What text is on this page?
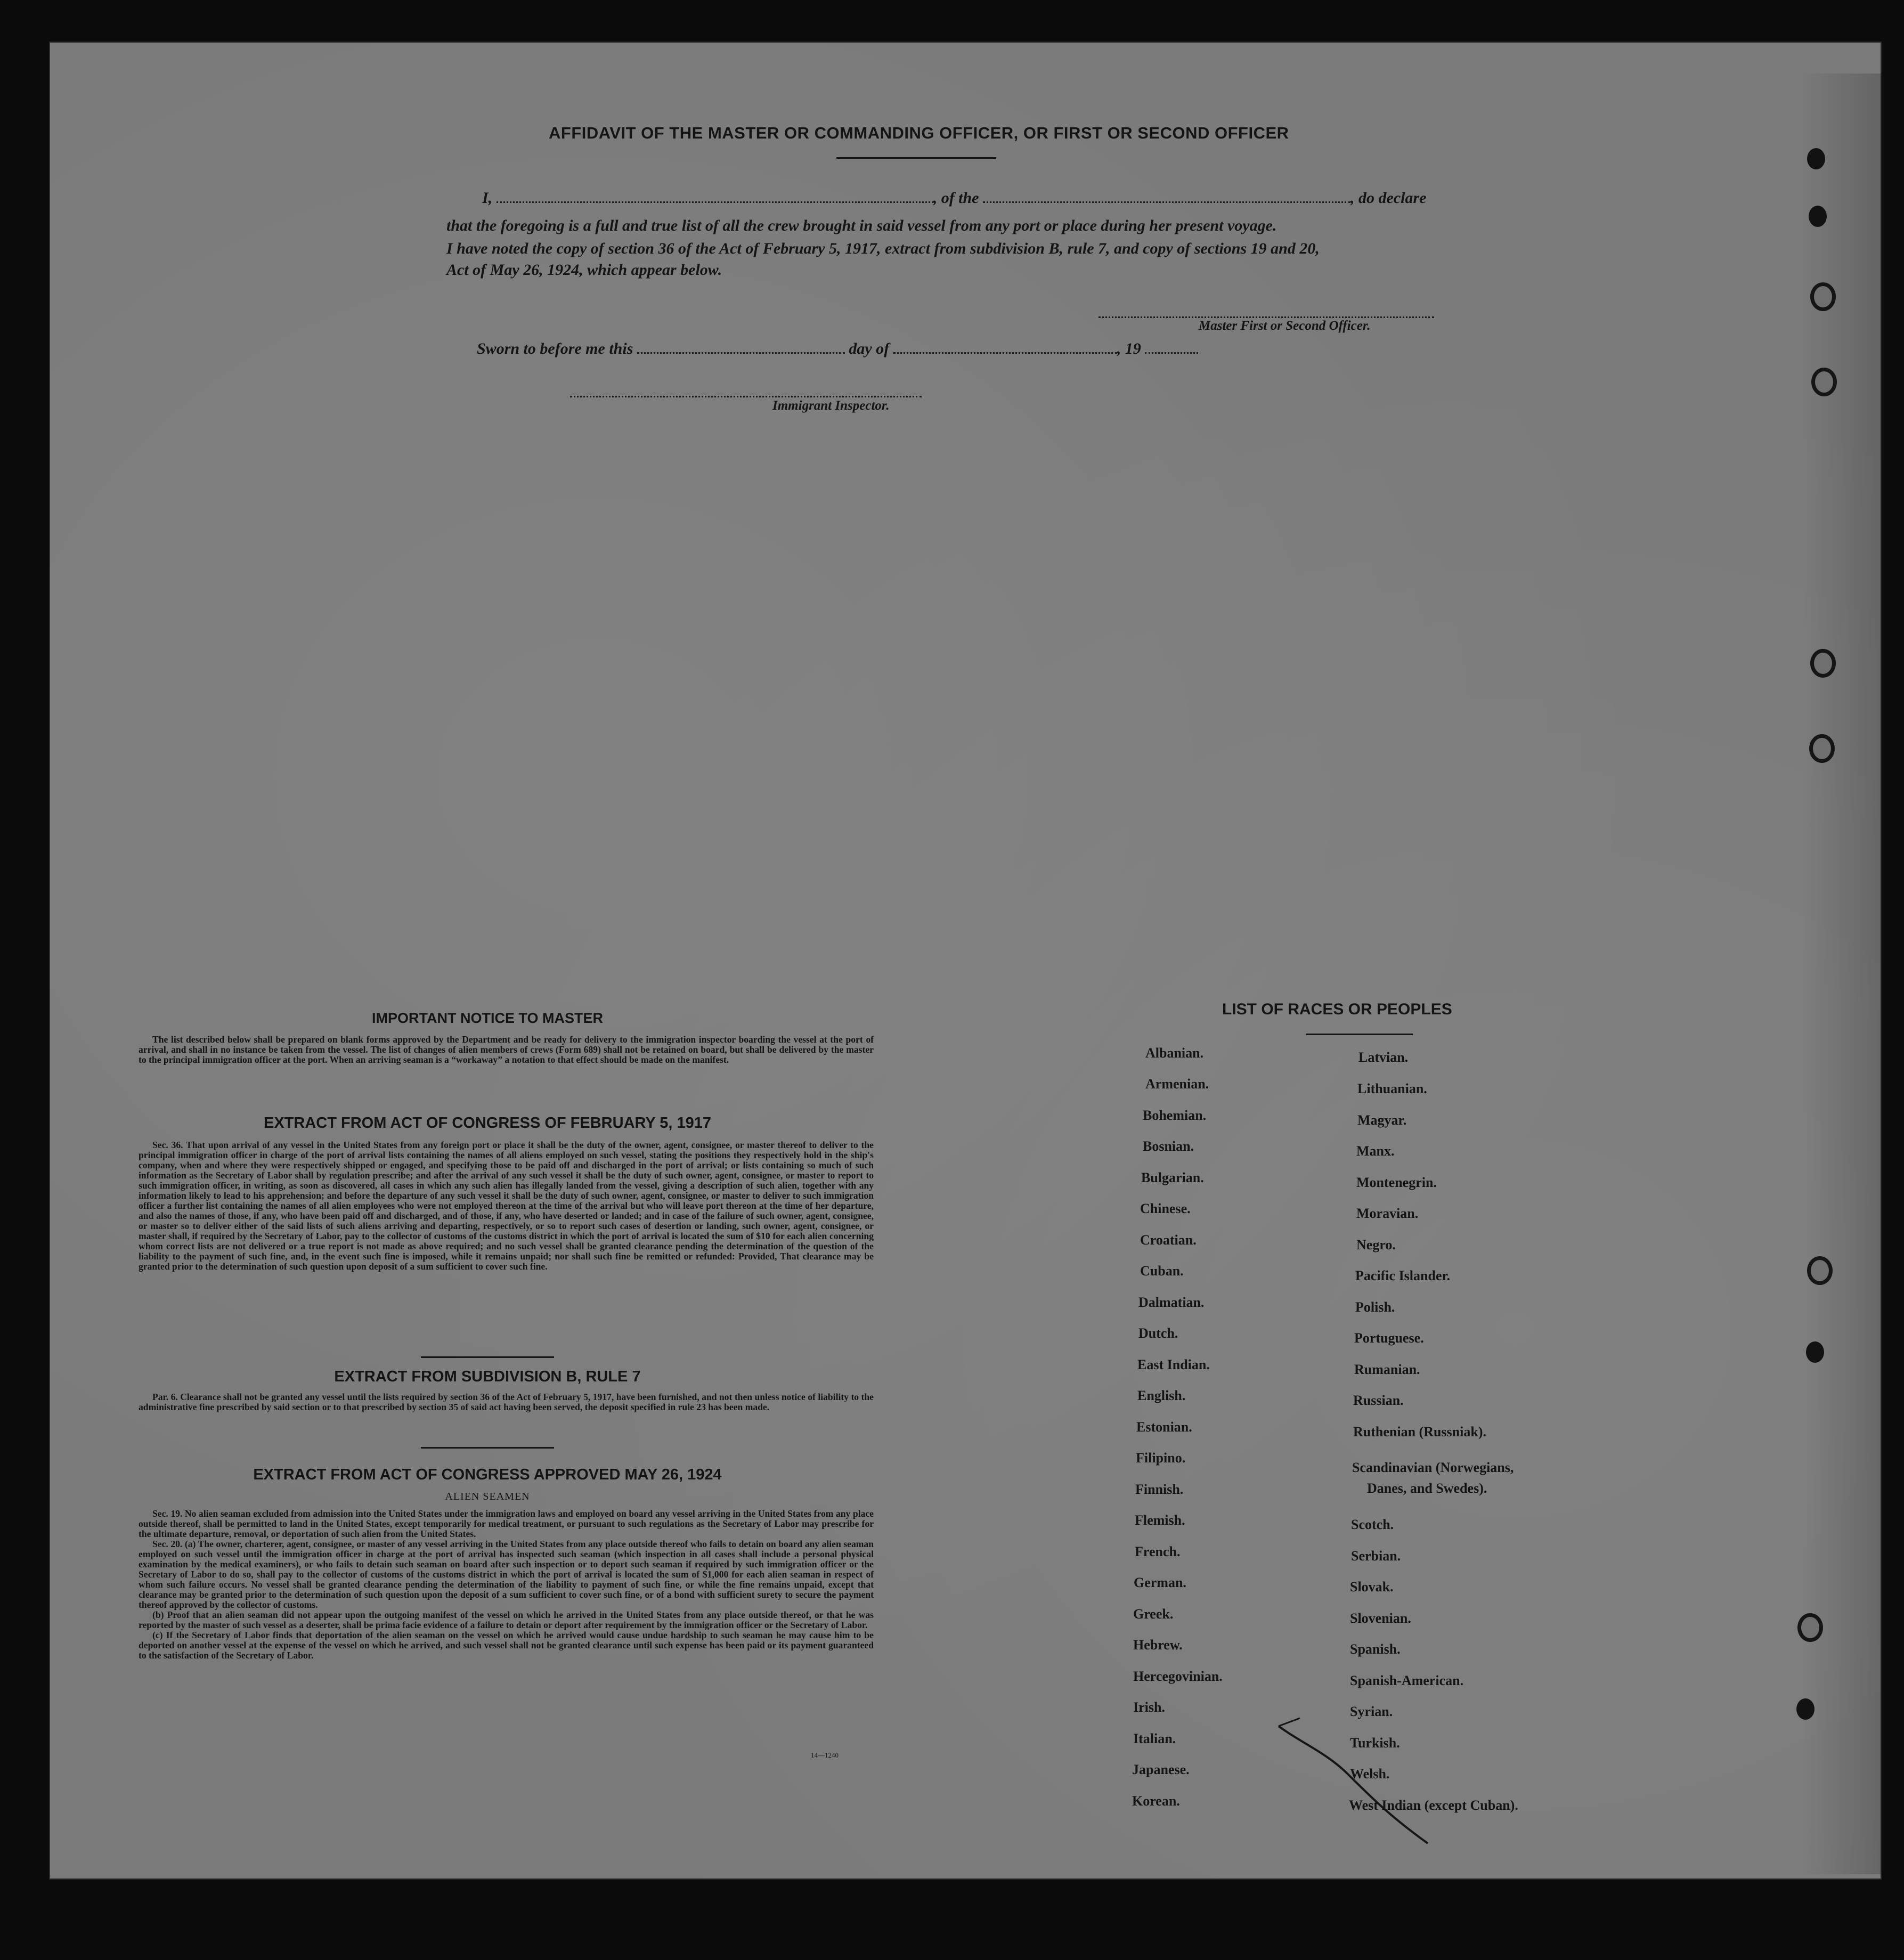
AFFIDAVIT OF THE MASTER OR COMMANDING OFFICER, OR FIRST OR SECOND OFFICER
I,	, of the	, do declare
that the foregoing is a full and true list of all the crew brought in said vessel from any port or place during her present voyage.
I have noted the copy of section 36 of the Act of February 5, 1917, extract from subdivision B, rule 7, and copy of sections 19 and 20,
Act of May 26, 1924, which appear below.
Master First or Second Officer.
Sworn to before me this	day of	, 19
Immigrant Inspector.
IMPORTANT NOTICE TO MASTER

The list described below shall be prepared on blank forms approved by the Department and be ready for delivery to the immigration inspector boarding the vessel at the port of arrival, and shall in no instance be taken from the vessel. The list of changes of alien members of crews (Form 689) shall not be retained on board, but shall be delivered by the master to the principal immigration officer at the port. When an arriving seaman is a “workaway” a notation to that effect should be made on the manifest.

EXTRACT FROM ACT OF CONGRESS OF FEBRUARY 5, 1917

Sec. 36. That upon arrival of any vessel in the United States from any foreign port or place it shall be the duty of the owner, agent, consignee, or master thereof to deliver to the principal immigration officer in charge of the port of arrival lists containing the names of all aliens employed on such vessel, stating the positions they respectively hold in the ship's company, when and where they were respectively shipped or engaged, and specifying those to be paid off and discharged in the port of arrival; or lists containing so much of such information as the Secretary of Labor shall by regulation prescribe; and after the arrival of any such vessel it shall be the duty of such owner, agent, consignee, or master to report to such immigration officer, in writing, as soon as discovered, all cases in which any such alien has illegally landed from the vessel, giving a description of such alien, together with any information likely to lead to his apprehension; and before the departure of any such vessel it shall be the duty of such owner, agent, consignee, or master to deliver to such immigration officer a further list containing the names of all alien employees who were not employed thereon at the time of the arrival but who will leave port thereon at the time of her departure, and also the names of those, if any, who have been paid off and discharged, and of those, if any, who have deserted or landed; and in case of the failure of such owner, agent, consignee, or master so to deliver either of the said lists of such aliens arriving and departing, respectively, or so to report such cases of desertion or landing, such owner, agent, consignee, or master shall, if required by the Secretary of Labor, pay to the collector of customs of the customs district in which the port of arrival is located the sum of $10 for each alien concerning whom correct lists are not delivered or a true report is not made as above required; and no such vessel shall be granted clearance pending the determination of the question of the liability to the payment of such fine, and, in the event such fine is imposed, while it remains unpaid; nor shall such fine be remitted or refunded: Provided, That clearance may be granted prior to the determination of such question upon deposit of a sum sufficient to cover such fine.

EXTRACT FROM SUBDIVISION B, RULE 7

Par. 6. Clearance shall not be granted any vessel until the lists required by section 36 of the Act of February 5, 1917, have been furnished, and not then unless notice of liability to the administrative fine prescribed by said section or to that prescribed by section 35 of said act having been served, the deposit specified in rule 23 has been made.

EXTRACT FROM ACT OF CONGRESS APPROVED MAY 26, 1924
ALIEN SEAMEN

Sec. 19. No alien seaman excluded from admission into the United States under the immigration laws and employed on board any vessel arriving in the United States from any place outside thereof, shall be permitted to land in the United States, except temporarily for medical treatment, or pursuant to such regulations as the Secretary of Labor may prescribe for the ultimate departure, removal, or deportation of such alien from the United States.

Sec. 20. (a) The owner, charterer, agent, consignee, or master of any vessel arriving in the United States from any place outside thereof who fails to detain on board any alien seaman employed on such vessel until the immigration officer in charge at the port of arrival has inspected such seaman (which inspection in all cases shall include a personal physical examination by the medical examiners), or who fails to detain such seaman on board after such inspection or to deport such seaman if required by such immigration officer or the Secretary of Labor to do so, shall pay to the collector of customs of the customs district in which the port of arrival is located the sum of $1,000 for each alien seaman in respect of whom such failure occurs. No vessel shall be granted clearance pending the determination of the liability to payment of such fine, or while the fine remains unpaid, except that clearance may be granted prior to the determination of such question upon the deposit of a sum sufficient to cover such fine, or of a bond with sufficient surety to secure the payment thereof approved by the collector of customs.

(b) Proof that an alien seaman did not appear upon the outgoing manifest of the vessel on which he arrived in the United States from any place outside thereof, or that he was reported by the master of such vessel as a deserter, shall be prima facie evidence of a failure to detain or deport after requirement by the immigration officer or the Secretary of Labor.

(c) If the Secretary of Labor finds that deportation of the alien seaman on the vessel on which he arrived would cause undue hardship to such seaman he may cause him to be deported on another vessel at the expense of the vessel on which he arrived, and such vessel shall not be granted clearance until such expense has been paid or its payment guaranteed to the satisfaction of the Secretary of Labor.

14—1240
LIST OF RACES OR PEOPLES
Albanian.
Armenian.
Bohemian.
Bosnian.
Bulgarian.
Chinese.
Croatian.
Cuban.
Dalmatian.
Dutch.
East Indian.
English.
Estonian.
Filipino.
Finnish.
Flemish.
French.
German.
Greek.
Hebrew.
Hercegovinian.
Irish.
Italian.
Japanese.
Korean.
Latvian.
Lithuanian.
Magyar.
Manx.
Montenegrin.
Moravian.
Negro.
Pacific Islander.
Polish.
Portuguese.
Rumanian.
Russian.
Ruthenian (Russniak).
Scandinavian (Norwegians,
Danes, and Swedes).
Scotch.
Serbian.
Slovak.
Slovenian.
Spanish.
Spanish-American.
Syrian.
Turkish.
Welsh.
West Indian (except Cuban).
